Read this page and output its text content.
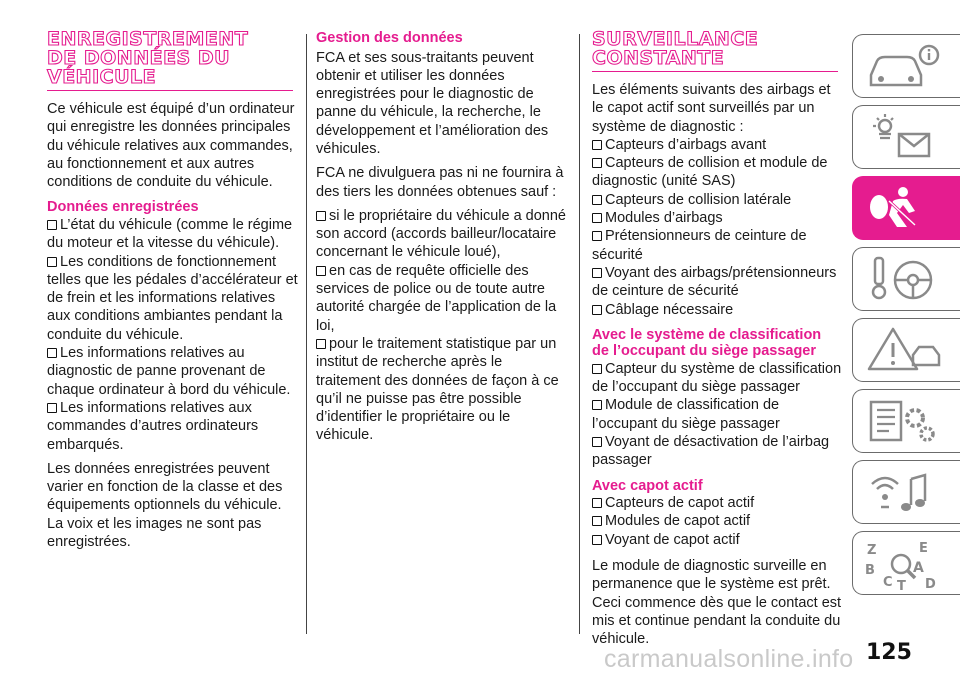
ENREGISTREMENT
DE DONNÉES DU
VÉHICULE

Ce véhicule est équipé d’un ordinateur qui enregistre les données principales du véhicule relatives aux commandes, au fonctionnement et aux autres conditions de conduite du véhicule.

Données enregistrées
L’état du véhicule (comme le régime du moteur et la vitesse du véhicule).
Les conditions de fonctionnement telles que les pédales d’accélérateur et de frein et les informations relatives aux conditions ambiantes pendant la conduite du véhicule.
Les informations relatives au diagnostic de panne provenant de chaque ordinateur à bord du véhicule.
Les informations relatives aux commandes d’autres ordinateurs embarqués.

Les données enregistrées peuvent varier en fonction de la classe et des équipements optionnels du véhicule. La voix et les images ne sont pas enregistrées.

Gestion des données

FCA et ses sous-traitants peuvent obtenir et utiliser les données enregistrées pour le diagnostic de panne du véhicule, la recherche, le développement et l’amélioration des véhicules.

FCA ne divulguera pas ni ne fournira à des tiers les données obtenues sauf :

si le propriétaire du véhicule a donné son accord (accords bailleur/locataire concernant le véhicule loué),
en cas de requête officielle des services de police ou de toute autre autorité chargée de l’application de la loi,
pour le traitement statistique par un institut de recherche après le traitement des données de façon à ce qu’il ne puisse pas être possible d’identifier le propriétaire ou le véhicule.
SURVEILLANCE
CONSTANTE

Les éléments suivants des airbags et le capot actif sont surveillés par un système de diagnostic :

Capteurs d’airbags avant
Capteurs de collision et module de diagnostic (unité SAS)
Capteurs de collision latérale
Modules d’airbags
Prétensionneurs de ceinture de sécurité
Voyant des airbags/prétensionneurs de ceinture de sécurité
Câblage nécessaire
Avec le système de classification de l’occupant du siège passager
Capteur du système de classification de l’occupant du siège passager
Module de classification de l’occupant du siège passager
Voyant de désactivation de l’airbag passager
Avec capot actif
Capteurs de capot actif
Modules de capot actif
Voyant de capot actif

Le module de diagnostic surveille en permanence que le système est prêt. Ceci commence dès que le contact est mis et continue pendant la conduite du véhicule.

Z	E
A
B
C T D
carmanualsonline.info 125
